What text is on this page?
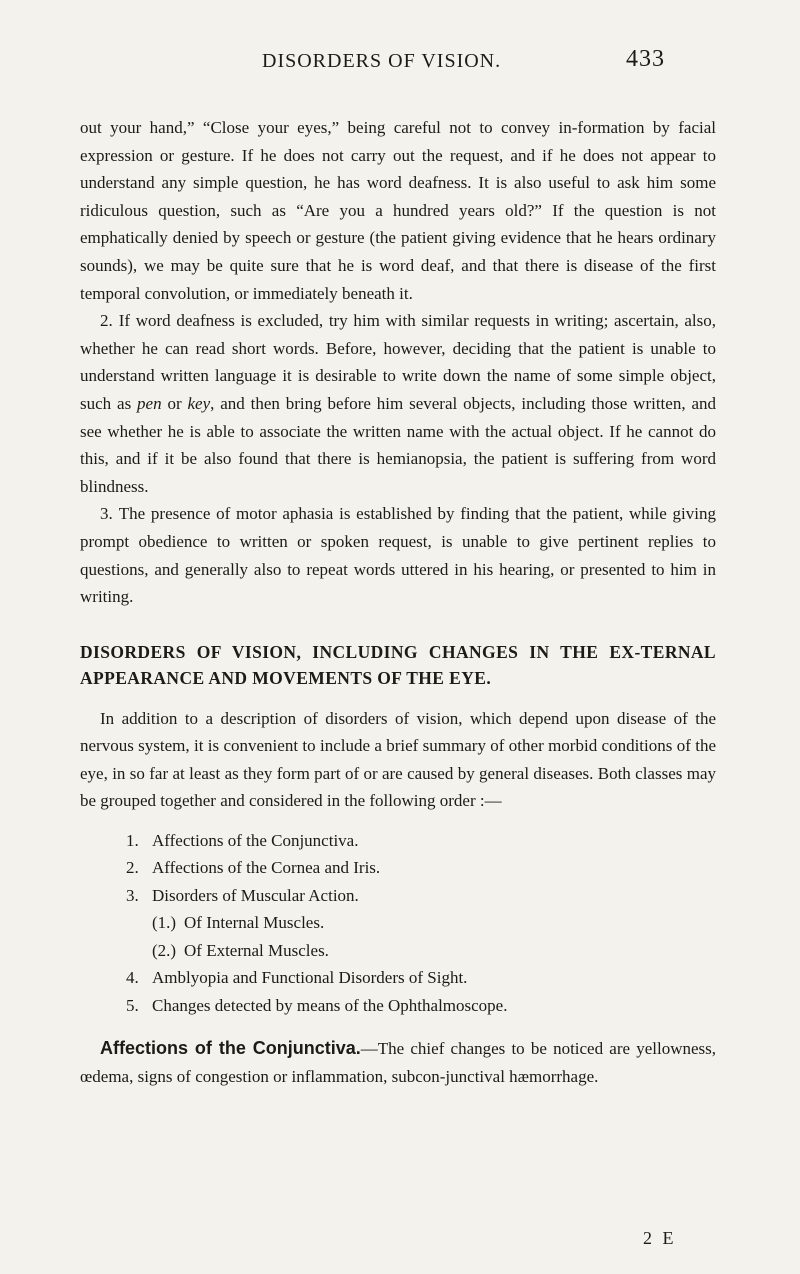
DISORDERS OF VISION.	433

out your hand,” “Close your eyes,” being careful not to convey in-formation by facial expression or gesture. If he does not carry out the request, and if he does not appear to understand any simple question, he has word deafness. It is also useful to ask him some ridiculous question, such as “Are you a hundred years old?” If the question is not emphatically denied by speech or gesture (the patient giving evidence that he hears ordinary sounds), we may be quite sure that he is word deaf, and that there is disease of the first temporal convolution, or immediately beneath it.

2. If word deafness is excluded, try him with similar requests in writing; ascertain, also, whether he can read short words. Before, however, deciding that the patient is unable to understand written language it is desirable to write down the name of some simple object, such as pen or key, and then bring before him several objects, including those written, and see whether he is able to associate the written name with the actual object. If he cannot do this, and if it be also found that there is hemianopsia, the patient is suffering from word blindness.

3. The presence of motor aphasia is established by finding that the patient, while giving prompt obedience to written or spoken request, is unable to give pertinent replies to questions, and generally also to repeat words uttered in his hearing, or presented to him in writing.

DISORDERS OF VISION, INCLUDING CHANGES IN THE EX-TERNAL APPEARANCE AND MOVEMENTS OF THE EYE.

In addition to a description of disorders of vision, which depend upon disease of the nervous system, it is convenient to include a brief summary of other morbid conditions of the eye, in so far at least as they form part of or are caused by general diseases. Both classes may be grouped together and considered in the following order :—

1. Affections of the Conjunctiva.
2. Affections of the Cornea and Iris.
3. Disorders of Muscular Action.
(1.) Of Internal Muscles.
(2.) Of External Muscles.
4. Amblyopia and Functional Disorders of Sight.
5. Changes detected by means of the Ophthalmoscope.

Affections of the Conjunctiva.—The chief changes to be noticed are yellowness, œdema, signs of congestion or inflammation, subcon-junctival hæmorrhage.

2 E
